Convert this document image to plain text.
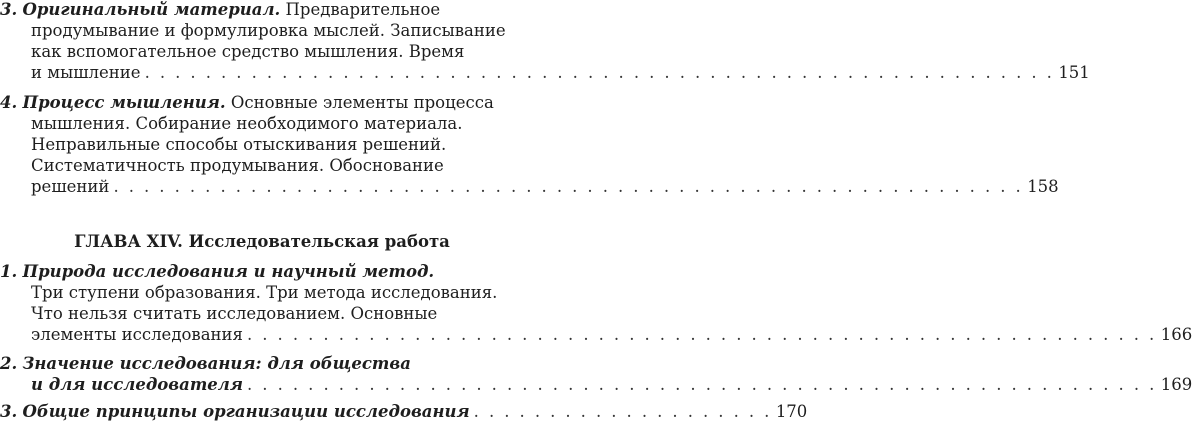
3. Оригинальный материал. Предварительное
продумывание и формулировка мыслей. Записывание
как вспомогательное средство мышления. Время
и мышление . . . . . . . . . . . . . . . . . . . . . . . . . . . . . . . . . . . . . . . . . . . . . . . . . . . . . . . . . . . . 151
4. Процесс мышления. Основные элементы процесса
мышления. Собирание необходимого материала.
Неправильные способы отыскивания решений.
Систематичность продумывания. Обоснование
решений . . . . . . . . . . . . . . . . . . . . . . . . . . . . . . . . . . . . . . . . . . . . . . . . . . . . . . . . . . . . 158
ГЛАВА XIV. Исследовательская работа
1. Природа исследования и научный метод.
Три ступени образования. Три метода исследования.
Что нельзя считать исследованием. Основные
элементы исследования . . . . . . . . . . . . . . . . . . . . . . . . . . . . . . . . . . . . . . . . . . . . . . . . . . . . . . . . . . . . 166
2. Значение исследования: для общества
и для исследователя . . . . . . . . . . . . . . . . . . . . . . . . . . . . . . . . . . . . . . . . . . . . . . . . . . . . . . . . . . . . 169
3. Общие принципы организации исследования . . . . . . . . . . . . . . . . . . . . 170
